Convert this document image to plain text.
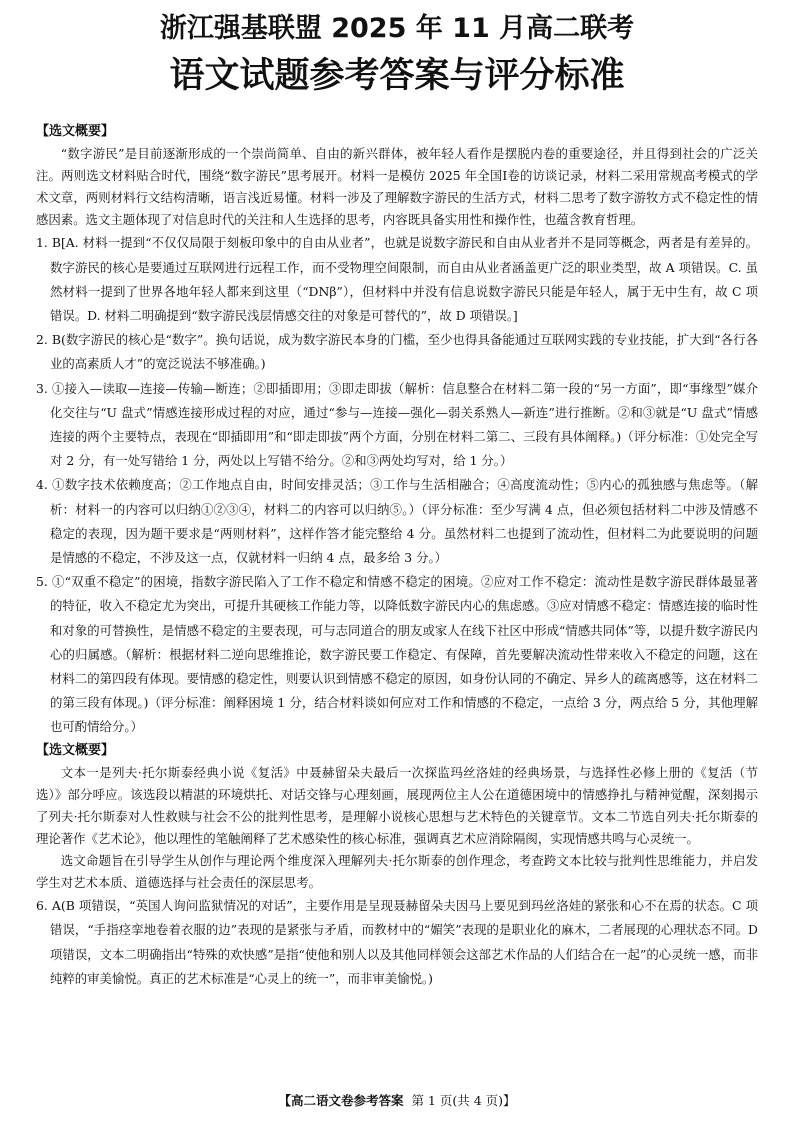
浙江强基联盟 2025 年 11 月高二联考
语文试题参考答案与评分标准
【选文概要】

“数字游民”是目前逐渐形成的一个崇尚简单、自由的新兴群体，被年轻人看作是摆脱内卷的重要途径，并且得到社会的广泛关注。两则选文材料贴合时代，围绕“数字游民”思考展开。材料一是模仿 2025 年全国Ⅰ卷的访谈记录，材料二采用常规高考模式的学术文章，两则材料行文结构清晰，语言浅近易懂。材料一涉及了理解数字游民的生活方式，材料二思考了数字游牧方式不稳定性的情感因素。选文主题体现了对信息时代的关注和人生选择的思考，内容既具备实用性和操作性，也蕴含教育哲理。

1. B[A. 材料一提到“不仅仅局限于刻板印象中的自由从业者”，也就是说数字游民和自由从业者并不是同等概念，两者是有差异的。数字游民的核心是要通过互联网进行远程工作，而不受物理空间限制，而自由从业者涵盖更广泛的职业类型，故 A 项错误。C. 虽然材料一提到了世界各地年轻人都来到这里（“DNβ”），但材料中并没有信息说数字游民只能是年轻人，属于无中生有，故 C 项错误。D. 材料二明确提到“数字游民浅层情感交往的对象是可替代的”，故 D 项错误。]

2. B(数字游民的核心是“数字”。换句话说，成为数字游民本身的门槛，至少也得具备能通过互联网实践的专业技能，扩大到“各行各业的高素质人才”的宽泛说法不够准确。)

3. ①接入—读取—连接—传输—断连；②即插即用；③即走即拔（解析：信息整合在材料二第一段的“另一方面”，即“事缘型”媒介化交往与“U 盘式”情感连接形成过程的对应，通过“参与—连接—强化—弱关系熟人—新连”进行推断。②和③就是“U 盘式”情感连接的两个主要特点，表现在“即插即用”和“即走即拔”两个方面，分别在材料二第二、三段有具体阐释。)（评分标准：①处完全写对 2 分，有一处写错给 1 分，两处以上写错不给分。②和③两处均写对，给 1 分。）

4. ①数字技术依赖度高；②工作地点自由，时间安排灵活；③工作与生活相融合；④高度流动性；⑤内心的孤独感与焦虑等。（解析：材料一的内容可以归纳①②③④，材料二的内容可以归纳⑤。）（评分标准：至少写满 4 点，但必须包括材料二中涉及情感不稳定的表现，因为题干要求是“两则材料”，这样作答才能完整给 4 分。虽然材料二也提到了流动性，但材料二为此要说明的问题是情感的不稳定，不涉及这一点，仅就材料一归纳 4 点，最多给 3 分。）

5. ①“双重不稳定”的困境，指数字游民陷入了工作不稳定和情感不稳定的困境。②应对工作不稳定：流动性是数字游民群体最显著的特征，收入不稳定尤为突出，可提升其硬核工作能力等，以降低数字游民内心的焦虑感。③应对情感不稳定：情感连接的临时性和对象的可替换性，是情感不稳定的主要表现，可与志同道合的朋友或家人在线下社区中形成“情感共同体”等，以提升数字游民内心的归属感。（解析：根据材料二逆向思维推论，数字游民要工作稳定、有保障，首先要解决流动性带来收入不稳定的问题，这在材料二的第四段有体现。要情感的稳定性，则要认识到情感不稳定的原因，如身份认同的不确定、异乡人的疏离感等，这在材料二的第三段有体现。)（评分标准：阐释困境 1 分，结合材料谈如何应对工作和情感的不稳定，一点给 3 分，两点给 5 分，其他理解也可酌情给分。）

【选文概要】

文本一是列夫·托尔斯泰经典小说《复活》中聂赫留朵夫最后一次探监玛丝洛娃的经典场景，与选择性必修上册的《复活（节选）》部分呼应。该选段以精湛的环境烘托、对话交锋与心理刻画，展现两位主人公在道德困境中的情感挣扎与精神觉醒，深刻揭示了列夫·托尔斯泰对人性救赎与社会不公的批判性思考，是理解小说核心思想与艺术特色的关键章节。文本二节选自列夫·托尔斯泰的理论著作《艺术论》，他以理性的笔触阐释了艺术感染性的核心标准，强调真艺术应消除隔阂，实现情感共鸣与心灵统一。

选文命题旨在引导学生从创作与理论两个维度深入理解列夫·托尔斯泰的创作理念，考查跨文本比较与批判性思维能力，并启发学生对艺术本质、道德选择与社会责任的深层思考。

6. A(B 项错误，“英国人询问监狱情况的对话”，主要作用是呈现聂赫留朵夫因马上要见到玛丝洛娃的紧张和心不在焉的状态。C 项错误，“手指痉挛地卷着衣服的边”表现的是紧张与矛盾，而教材中的“媚笑”表现的是职业化的麻木，二者展现的心理状态不同。D 项错误，文本二明确指出“特殊的欢快感”是指“使他和别人以及其他同样领会这部艺术作品的人们结合在一起”的心灵统一感，而非纯粹的审美愉悦。真正的艺术标准是“心灵上的统一”，而非审美愉悦。)

【高二语文卷参考答案 第 1 页(共 4 页)】
